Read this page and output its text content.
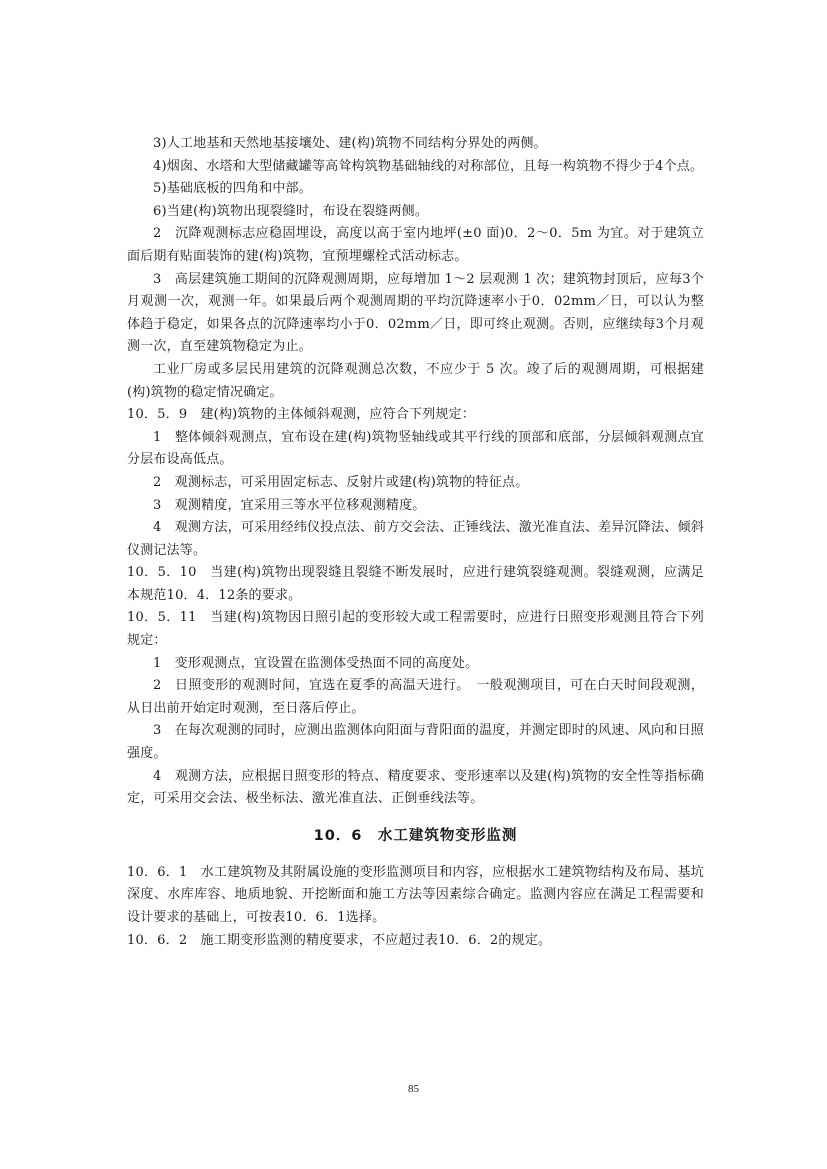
3)人工地基和天然地基接壤处、建(构)筑物不同结构分界处的两侧。

4)烟囱、水塔和大型储藏罐等高耸构筑物基础轴线的对称部位，且每一构筑物不得少于4个点。

5)基础底板的四角和中部。

6)当建(构)筑物出现裂缝时，布设在裂缝两侧。

2　沉降观测标志应稳固埋设，高度以高于室内地坪(±0 面)0．2～0．5m 为宜。对于建筑立面后期有贴面装饰的建(构)筑物，宜预埋螺栓式活动标志。

3　高层建筑施工期间的沉降观测周期，应每增加 1～2 层观测 1 次；建筑物封顶后，应每3个月观测一次，观测一年。如果最后两个观测周期的平均沉降速率小于0．02mm／日，可以认为整体趋于稳定，如果各点的沉降速率均小于0．02mm／日，即可终止观测。否则，应继续每3个月观测一次，直至建筑物稳定为止。

工业厂房或多层民用建筑的沉降观测总次数，不应少于 5 次。竣了后的观测周期，可根据建(构)筑物的稳定情况确定。

10．5．9　建(构)筑物的主体倾斜观测，应符合下列规定：

1　整体倾斜观测点，宜布设在建(构)筑物竖轴线或其平行线的顶部和底部，分层倾斜观测点宜分层布设高低点。

2　观测标志，可采用固定标志、反射片或建(构)筑物的特征点。

3　观测精度，宜采用三等水平位移观测精度。

4　观测方法，可采用经纬仪投点法、前方交会法、正锤线法、激光准直法、差异沉降法、倾斜仪测记法等。

10．5．10　当建(构)筑物出现裂缝且裂缝不断发展时，应进行建筑裂缝观测。裂缝观测，应满足本规范10．4．12条的要求。

10．5．11　当建(构)筑物因日照引起的变形较大或工程需要时，应进行日照变形观测且符合下列规定：

1　变形观测点，宜设置在监测体受热面不同的高度处。

2　日照变形的观测时间，宜选在夏季的高温天进行。　一般观测项目，可在白天时间段观测，从日出前开始定时观测，至日落后停止。

3　在每次观测的同时，应测出监测体向阳面与背阳面的温度，并测定即时的风速、风向和日照强度。

4　观测方法，应根据日照变形的特点、精度要求、变形速率以及建(构)筑物的安全性等指标确定，可采用交会法、极坐标法、激光准直法、正倒垂线法等。

10．6　水工建筑物变形监测

10．6．1　水工建筑物及其附属设施的变形监测项目和内容，应根据水工建筑物结构及布局、基坑深度、水库库容、地质地貌、开挖断面和施工方法等因素综合确定。监测内容应在满足工程需要和设计要求的基础上，可按表10．6．1选择。

10．6．2　施工期变形监测的精度要求，不应超过表10．6．2的规定。

85
